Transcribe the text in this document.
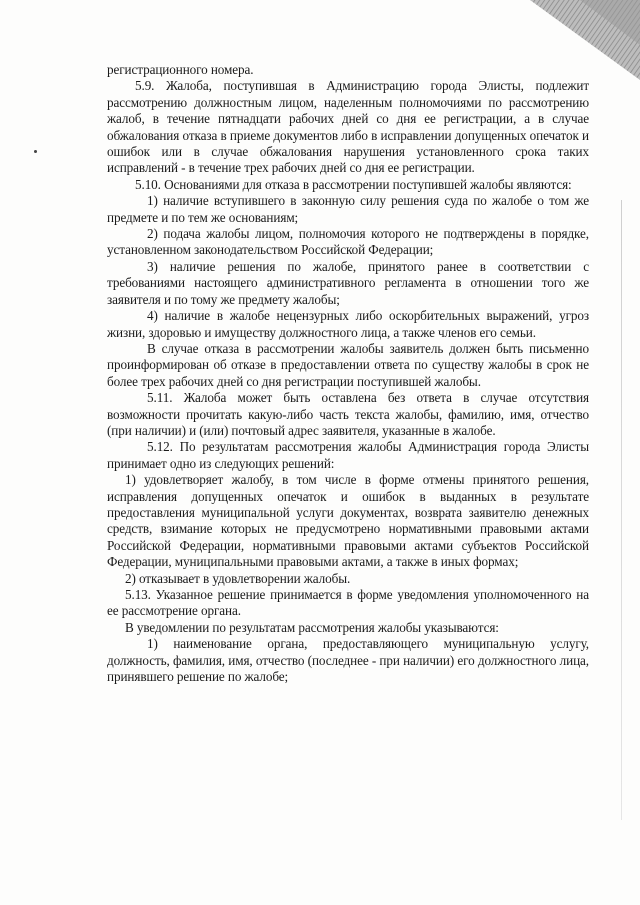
регистрационного номера.

5.9. Жалоба, поступившая в Администрацию города Элисты, подлежит рассмотрению должностным лицом, наделенным полномочиями по рассмотрению жалоб, в течение пятнадцати рабочих дней со дня ее регистрации, а в случае обжалования отказа в приеме документов либо в исправлении допущенных опечаток и ошибок или в случае обжалования нарушения установленного срока таких исправлений - в течение трех рабочих дней со дня ее регистрации.

5.10. Основаниями для отказа в рассмотрении поступившей жалобы являются:

1) наличие вступившего в законную силу решения суда по жалобе о том же предмете и по тем же основаниям;

2) подача жалобы лицом, полномочия которого не подтверждены в порядке, установленном законодательством Российской Федерации;

3) наличие решения по жалобе, принятого ранее в соответствии с требованиями настоящего административного регламента в отношении того же заявителя и по тому же предмету жалобы;

4) наличие в жалобе нецензурных либо оскорбительных выражений, угроз жизни, здоровью и имуществу должностного лица, а также членов его семьи.

В случае отказа в рассмотрении жалобы заявитель должен быть письменно проинформирован об отказе в предоставлении ответа по существу жалобы в срок не более трех рабочих дней со дня регистрации поступившей жалобы.

5.11. Жалоба может быть оставлена без ответа в случае отсутствия возможности прочитать какую-либо часть текста жалобы, фамилию, имя, отчество (при наличии) и (или) почтовый адрес заявителя, указанные в жалобе.

5.12. По результатам рассмотрения жалобы Администрация города Элисты принимает одно из следующих решений:

1) удовлетворяет жалобу, в том числе в форме отмены принятого решения, исправления допущенных опечаток и ошибок в выданных в результате предоставления муниципальной услуги документах, возврата заявителю денежных средств, взимание которых не предусмотрено нормативными правовыми актами Российской Федерации, нормативными правовыми актами субъектов Российской Федерации, муниципальными правовыми актами, а также в иных формах;

2) отказывает в удовлетворении жалобы.

5.13. Указанное решение принимается в форме уведомления уполномоченного на ее рассмотрение органа.

В уведомлении по результатам рассмотрения жалобы указываются:

1) наименование органа, предоставляющего муниципальную услугу, должность, фамилия, имя, отчество (последнее - при наличии) его должностного лица, принявшего решение по жалобе;
